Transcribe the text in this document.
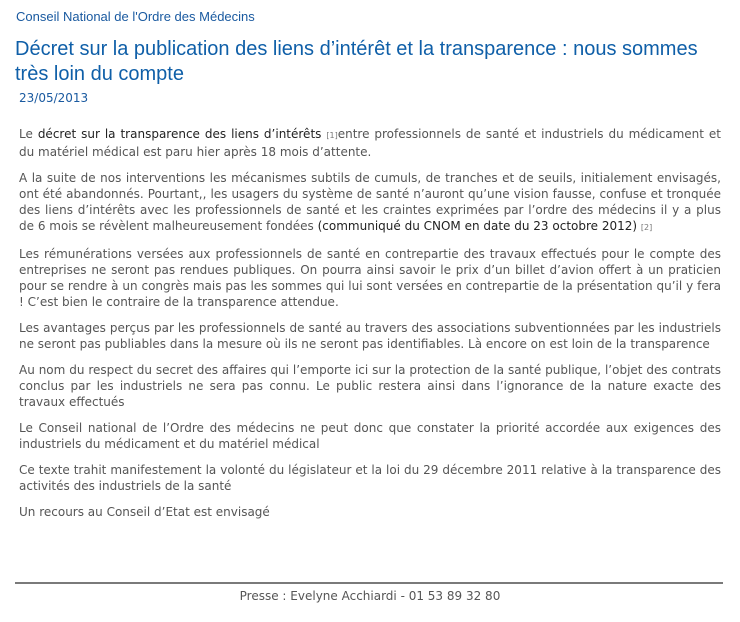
Conseil National de l'Ordre des Médecins
Décret sur la publication des liens d’intérêt et la transparence : nous sommes très loin du compte
23/05/2013

Le décret sur la transparence des liens d’intérêts [1]entre professionnels de santé et industriels du médicament et du matériel médical est paru hier après 18 mois d’attente.

A la suite de nos interventions les mécanismes subtils de cumuls, de tranches et de seuils, initialement envisagés, ont été abandonnés. Pourtant,, les usagers du système de santé n’auront qu’une vision fausse, confuse et tronquée des liens d’intérêts avec les professionnels de santé et les craintes exprimées par l’ordre des médecins il y a plus de 6 mois se révèlent malheureusement fondées (communiqué du CNOM en date du 23 octobre 2012) [2]

Les rémunérations versées aux professionnels de santé en contrepartie des travaux effectués pour le compte des entreprises ne seront pas rendues publiques. On pourra ainsi savoir le prix d’un billet d’avion offert à un praticien pour se rendre à un congrès mais pas les sommes qui lui sont versées en contrepartie de la présentation qu’il y fera ! C’est bien le contraire de la transparence attendue.

Les avantages perçus par les professionnels de santé au travers des associations subventionnées par les industriels ne seront pas publiables dans la mesure où ils ne seront pas identifiables. Là encore on est loin de la transparence

Au nom du respect du secret des affaires qui l’emporte ici sur la protection de la santé publique, l’objet des contrats conclus par les industriels ne sera pas connu. Le public restera ainsi dans l’ignorance de la nature exacte des travaux effectués

Le Conseil national de l’Ordre des médecins ne peut donc que constater la priorité accordée aux exigences des industriels du médicament et du matériel médical

Ce texte trahit manifestement la volonté du législateur et la loi du 29 décembre 2011 relative à la transparence des activités des industriels de la santé

Un recours au Conseil d’Etat est envisagé

Presse : Evelyne Acchiardi - 01 53 89 32 80
